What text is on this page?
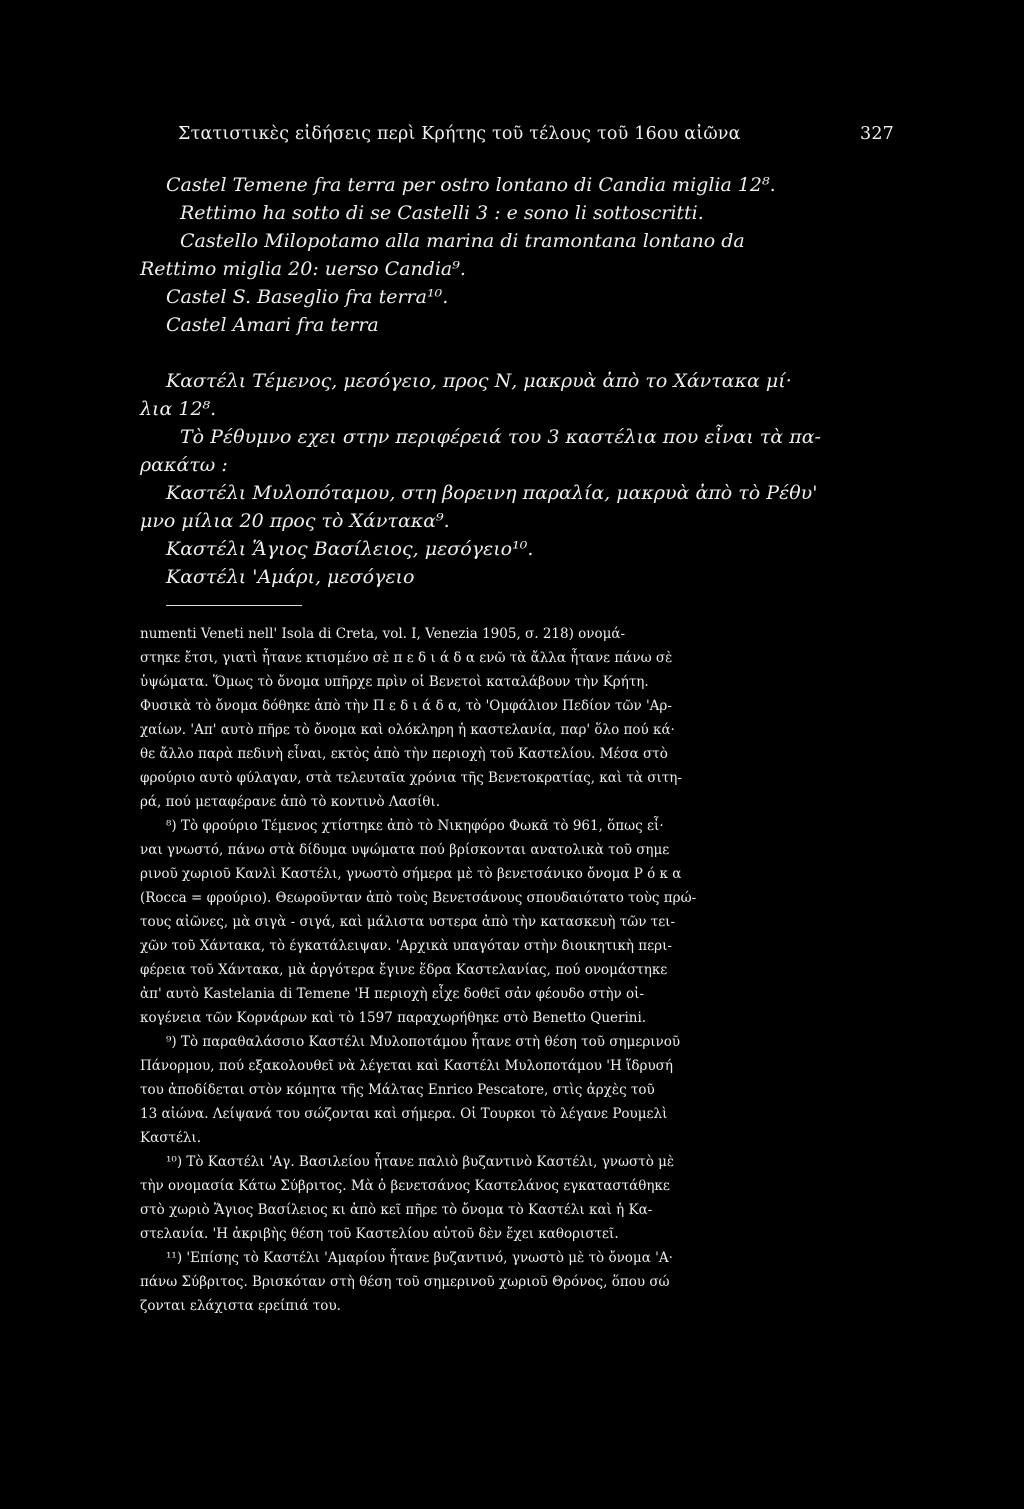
Στατιστικὲς εἰδήσεις περὶ Κρήτης τοῦ τέλους τοῦ 16ου αἰῶνα	327
Castel Temene fra terra per ostro lontano di Candia miglia 12⁸.
Rettimo ha sotto di se Castelli 3 : e sono li sottoscritti.
Castello Milopotamo alla marina di tramontana lontano da
Rettimo miglia 20: uerso Candia⁹.
Castel S. Baseglio fra terra¹⁰.
Castel Amari fra terra
Καστέλι Τέμενος, μεσόγειο, προς Ν, μακρυὰ ἀπὸ το Χάντακα μί·
λια 12⁸.
Τὸ Ρέθυμνο εχει στην περιφέρειά του 3 καστέλια που εἶναι τὰ πα-
ρακάτω :
Καστέλι Μυλοπόταμου, στη βορεινη παραλία, μακρυὰ ἀπὸ τὸ Ρέθυ'
μνο μίλια 20 προς τὸ Χάντακα⁹.
Καστέλι Ἅγιος Βασίλειος, μεσόγειο¹⁰.
Καστέλι 'Αμάρι, μεσόγειο
numenti Veneti nell' Isola di Creta, vol. I, Venezia 1905, σ. 218) ονομά-
στηκε ἔτσι, γιατὶ ἦτανε κτισμένο σὲ π ε δ ι ά δ α ενῶ τὰ ἄλλα ἦτανε πάνω σὲ
ὑψώματα. Ὅμως τὸ ὄνομα υπῆρχε πρὶν οἱ Βενετοὶ καταλάβουν τὴν Κρήτη.
Φυσικὰ τὸ ὄνομα δόθηκε ἀπὸ τὴν Π ε δ ι ά δ α, τὸ 'Ομφάλιον Πεδίον τῶν 'Αρ-
χαίων. 'Απ' αυτὸ πῆρε τὸ ὄνομα καὶ ολόκληρη ἡ καστελανία, παρ' ὅλο πού κά·
θε ἄλλο παρὰ πεδινὴ εἶναι, εκτὸς ἀπὸ τὴν περιοχὴ τοῦ Καστελίου. Μέσα στὸ
φρούριο αυτὸ φύλαγαν, στὰ τελευταῖα χρόνια τῆς Βενετοκρατίας, καὶ τὰ σιτη-
ρά, πού μεταφέρανε ἀπὸ τὸ κοντινὸ Λασίθι.
⁸) Τὸ φρούριο Τέμενος χτίστηκε ἀπὸ τὸ Νικηφόρο Φωκᾶ τὸ 961, ὅπως εἶ·
ναι γνωστό, πάνω στὰ δίδυμα υψώματα πού βρίσκονται ανατολικὰ τοῦ σημε
ρινοῦ χωριοῦ Κανλὶ Καστέλι, γνωστὸ σήμερα μὲ τὸ βενετσάνικο ὄνομα Ρ ό κ α
(Rocca = φρούριο). Θεωροῦνταν ἀπὸ τοὺς Βενετσάνους σπουδαιότατο τοὺς πρώ-
τους αἰῶνες, μὰ σιγὰ - σιγά, καὶ μάλιστα υστερα ἀπὸ τὴν κατασκευὴ τῶν τει-
χῶν τοῦ Χάντακα, τὸ έγκατάλειψαν. 'Αρχικὰ υπαγόταν στὴν διοικητικὴ περι-
φέρεια τοῦ Χάντακα, μὰ ἀργότερα ἔγινε ἕδρα Καστελανίας, πού ονομάστηκε
ἀπ' αυτὸ Kastelania di Temene 'Η περιοχὴ εἶχε δοθεῖ σἀν φέουδο στὴν οἰ-
κογένεια τῶν Κορνάρων καὶ τὸ 1597 παραχωρήθηκε στὸ Benetto Querini.
⁹) Τὸ παραθαλάσσιο Καστέλι Μυλοποτάμου ἦτανε στὴ θέση τοῦ σημερινοῦ
Πάνορμου, πού εξακολουθεῖ νὰ λέγεται καὶ Καστέλι Μυλοποτάμου 'Η ἵδρυσή
του ἀποδίδεται στὸν κόμητα τῆς Μάλτας Enrico Pescatore, στὶς ἀρχὲς τοῦ
13 αἰώνα. Λείψανά του σώζονται καὶ σήμερα. Οἱ Τουρκοι τὸ λέγανε Ρουμελὶ
Καστέλι.
¹⁰) Τὸ Καστέλι 'Αγ. Βασιλείου ἦτανε παλιὸ βυζαντινὸ Καστέλι, γνωστὸ μὲ
τὴν ονομασία Κάτω Σύβριτος. Μὰ ὁ βενετσάνος Καστελάνος εγκαταστάθηκε
στὸ χωριὸ Ἅγιος Βασίλειος κι ἀπὸ κεῖ πῆρε τὸ ὄνομα τὸ Καστέλι καὶ ἡ Κα-
στελανία. 'Η ἀκριβὴς θέση τοῦ Καστελίου αὐτοῦ δὲν ἔχει καθοριστεῖ.
¹¹) 'Επίσης τὸ Καστέλι 'Αμαρίου ἦτανε βυζαντινό, γνωστὸ μὲ τὸ ὄνομα 'Α·
πάνω Σύβριτος. Βρισκόταν στὴ θέση τοῦ σημερινοῦ χωριοῦ Θρόνος, ὅπου σώ
ζονται ελάχιστα ερείπιά του.
